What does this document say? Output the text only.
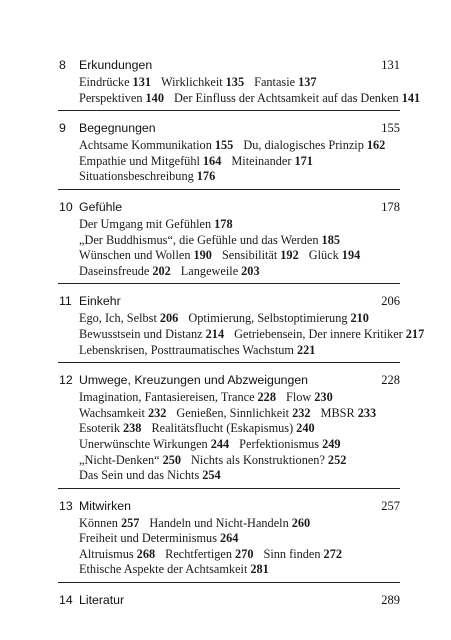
8 Erkundungen	131
Eindrücke 131 Wirklichkeit 135 Fantasie 137
Perspektiven 140 Der Einfluss der Achtsamkeit auf das Denken 141
9 Begegnungen	155
Achtsame Kommunikation 155 Du, dialogisches Prinzip 162
Empathie und Mitgefühl 164 Miteinander 171
Situationsbeschreibung 176
10 Gefühle	178
Der Umgang mit Gefühlen 178
„Der Buddhismus“, die Gefühle und das Werden 185
Wünschen und Wollen 190 Sensibilität 192 Glück 194
Daseinsfreude 202 Langeweile 203
11 Einkehr	206
Ego, Ich, Selbst 206 Optimierung, Selbstoptimierung 210
Bewusstsein und Distanz 214 Getriebensein, Der innere Kritiker 217
Lebenskrisen, Posttraumatisches Wachstum 221
12 Umwege, Kreuzungen und Abzweigungen	228
Imagination, Fantasiereisen, Trance 228 Flow 230
Wachsamkeit 232 Genießen, Sinnlichkeit 232 MBSR 233
Esoterik 238 Realitätsflucht (Eskapismus) 240
Unerwünschte Wirkungen 244 Perfektionismus 249
„Nicht-Denken“ 250 Nichts als Konstruktionen? 252
Das Sein und das Nichts 254
13 Mitwirken	257
Können 257 Handeln und Nicht-Handeln 260
Freiheit und Determinismus 264
Altruismus 268 Rechtfertigen 270 Sinn finden 272
Ethische Aspekte der Achtsamkeit 281
14 Literatur	289
